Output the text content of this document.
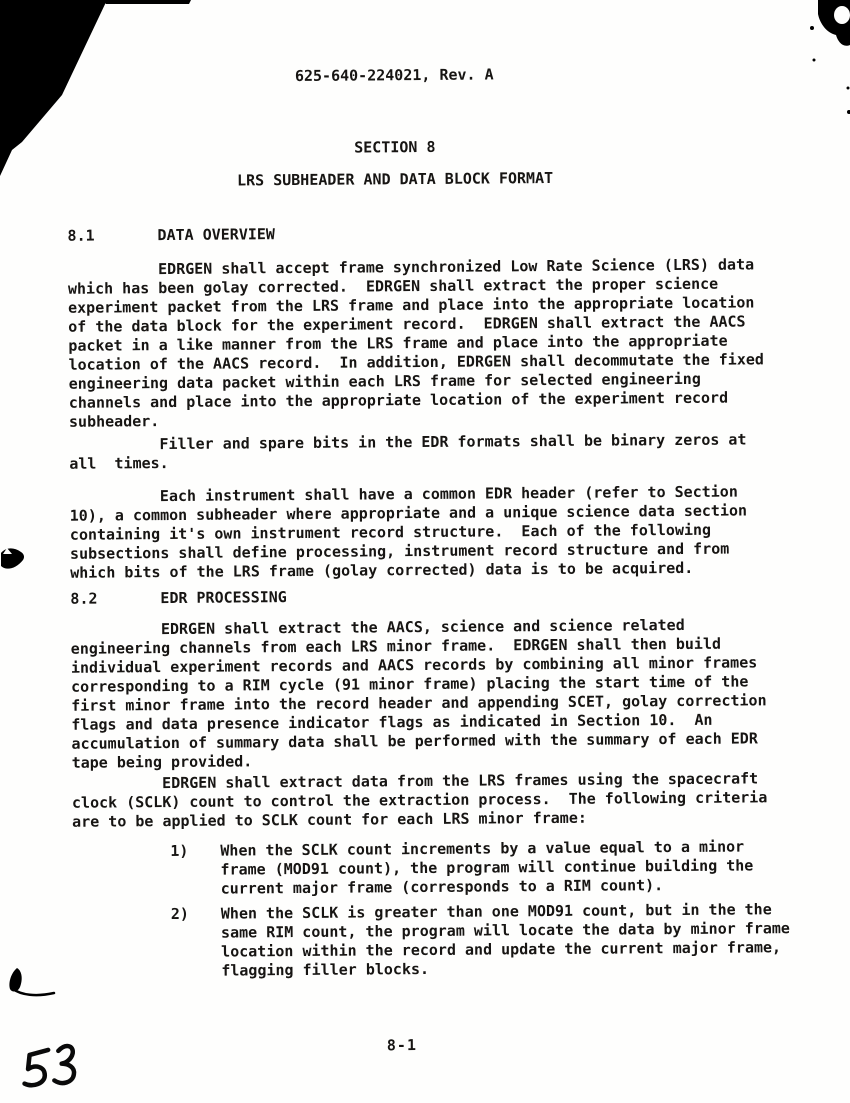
625-640-224021, Rev. A
SECTION 8
LRS SUBHEADER AND DATA BLOCK FORMAT
8.1	DATA OVERVIEW
EDRGEN shall accept frame synchronized Low Rate Science (LRS) data
which has been golay corrected.  EDRGEN shall extract the proper science
experiment packet from the LRS frame and place into the appropriate location
of the data block for the experiment record.  EDRGEN shall extract the AACS
packet in a like manner from the LRS frame and place into the appropriate
location of the AACS record.  In addition, EDRGEN shall decommutate the fixed
engineering data packet within each LRS frame for selected engineering
channels and place into the appropriate location of the experiment record
subheader.
Filler and spare bits in the EDR formats shall be binary zeros at
all  times.
Each instrument shall have a common EDR header (refer to Section
10), a common subheader where appropriate and a unique science data section
containing it's own instrument record structure.  Each of the following
subsections shall define processing, instrument record structure and from
which bits of the LRS frame (golay corrected) data is to be acquired.
8.2	EDR PROCESSING
EDRGEN shall extract the AACS, science and science related
engineering channels from each LRS minor frame.  EDRGEN shall then build
individual experiment records and AACS records by combining all minor frames
corresponding to a RIM cycle (91 minor frame) placing the start time of the
first minor frame into the record header and appending SCET, golay correction
flags and data presence indicator flags as indicated in Section 10.  An
accumulation of summary data shall be performed with the summary of each EDR
tape being provided.
EDRGEN shall extract data from the LRS frames using the spacecraft
clock (SCLK) count to control the extraction process.  The following criteria
are to be applied to SCLK count for each LRS minor frame:
1)	When the SCLK count increments by a value equal to a minor
frame (MOD91 count), the program will continue building the
current major frame (corresponds to a RIM count).
2)	When the SCLK is greater than one MOD91 count, but in the the
same RIM count, the program will locate the data by minor frame
location within the record and update the current major frame,
flagging filler blocks.
8-1
